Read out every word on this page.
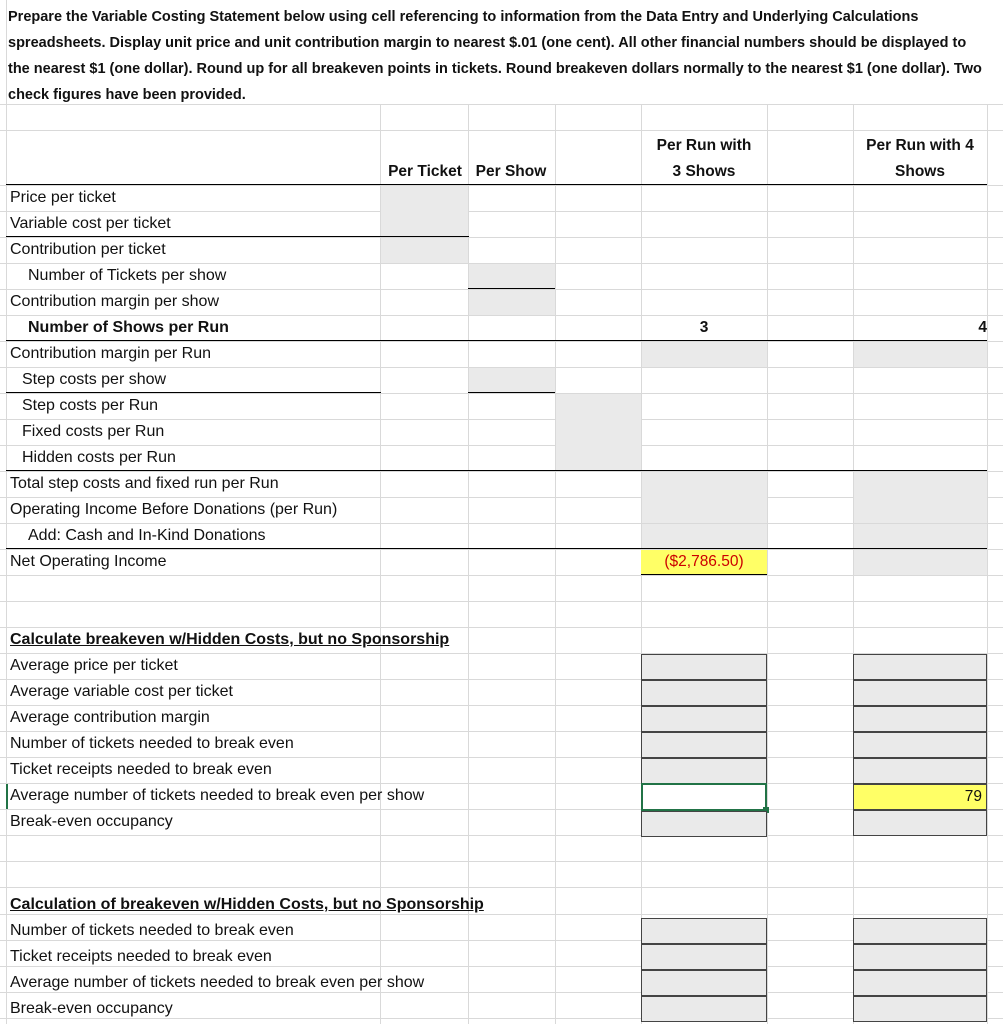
Prepare the Variable Costing Statement below using cell referencing to information from the Data Entry and Underlying Calculations spreadsheets. Display unit price and unit contribution margin to nearest $.01 (one cent). All other financial numbers should be displayed to the nearest $1 (one dollar). Round up for all breakeven points in tickets. Round breakeven dollars normally to the nearest $1 (one dollar). Two check figures have been provided.
Per Ticket Per Show
Per Run with
3 Shows
Per Run with 4
Shows
Price per ticket
Variable cost per ticket
Contribution per ticket
Number of Tickets per show
Contribution margin per show
Number of Shows per Run
Contribution margin per Run
Step costs per show
Step costs per Run
Fixed costs per Run
Hidden costs per Run
Total step costs and fixed run per Run
Operating Income Before Donations (per Run)
Add: Cash and In-Kind Donations
Net Operating Income
3	4
($2,786.50)
Calculate breakeven w/Hidden Costs, but no Sponsorship
Average price per ticket
Average variable cost per ticket
Average contribution margin
Number of tickets needed to break even
Ticket receipts needed to break even
Average number of tickets needed to break even per show
Break-even occupancy
79
Calculation of breakeven w/Hidden Costs, but no Sponsorship
Number of tickets needed to break even
Ticket receipts needed to break even
Average number of tickets needed to break even per show
Break-even occupancy
